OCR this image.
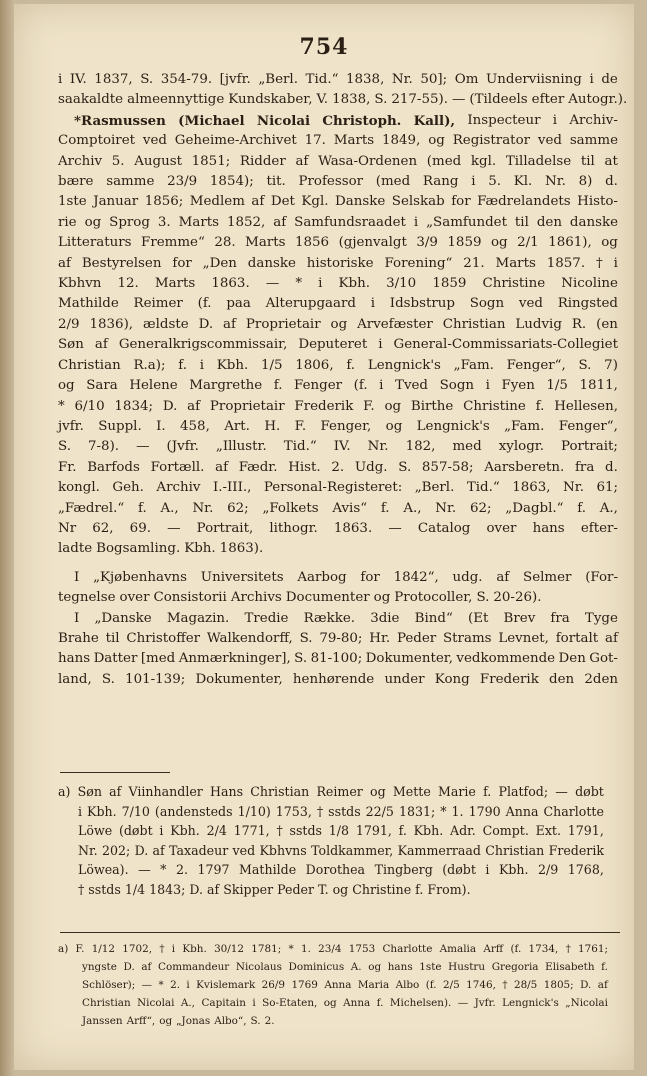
754
i IV. 1837, S. 354-79. [jvfr. „Berl. Tid.“ 1838, Nr. 50]; Om Underviisning i de
saakaldte almeennyttige Kundskaber, V. 1838, S. 217-55). — (Tildeels efter Autogr.).
*Rasmussen (Michael Nicolai Christoph. Kall), Inspecteur i Archiv-
Comptoiret ved Geheime-Archivet 17. Marts 1849, og Registrator ved samme
Archiv 5. August 1851; Ridder af Wasa-Ordenen (med kgl. Tilladelse til at
bære samme 23/9 1854); tit. Professor (med Rang i 5. Kl. Nr. 8) d.
1ste Januar 1856; Medlem af Det Kgl. Danske Selskab for Fædrelandets Histo-
rie og Sprog 3. Marts 1852, af Samfundsraadet i „Samfundet til den danske
Litteraturs Fremme“ 28. Marts 1856 (gjenvalgt 3/9 1859 og 2/1 1861), og
af Bestyrelsen for „Den danske historiske Forening“ 21. Marts 1857. † i
Kbhvn 12. Marts 1863. — * i Kbh. 3/10 1859 Christine Nicoline
Mathilde Reimer (f. paa Alterupgaard i Idsbstrup Sogn ved Ringsted
2/9 1836), ældste D. af Proprietair og Arvefæster Christian Ludvig R. (en
Søn af Generalkrigscommissair, Deputeret i General-Commissariats-Collegiet
Christian R.a); f. i Kbh. 1/5 1806, f. Lengnick's „Fam. Fenger“, S. 7)
og Sara Helene Margrethe f. Fenger (f. i Tved Sogn i Fyen 1/5 1811,
* 6/10 1834; D. af Proprietair Frederik F. og Birthe Christine f. Hellesen,
jvfr. Suppl. I. 458, Art. H. F. Fenger, og Lengnick's „Fam. Fenger“,
S. 7-8). — (Jvfr. „Illustr. Tid.“ IV. Nr. 182, med xylogr. Portrait;
Fr. Barfods Fortæll. af Fædr. Hist. 2. Udg. S. 857-58; Aarsberetn. fra d.
kongl. Geh. Archiv I.-III., Personal-Registeret: „Berl. Tid.“ 1863, Nr. 61;
„Fædrel.“ f. A., Nr. 62; „Folkets Avis“ f. A., Nr. 62; „Dagbl.“ f. A.,
Nr 62, 69. — Portrait, lithogr. 1863. — Catalog over hans efter-
ladte Bogsamling. Kbh. 1863).
I „Kjøbenhavns Universitets Aarbog for 1842“, udg. af Selmer (For-
tegnelse over Consistorii Archivs Documenter og Protocoller, S. 20-26).
I „Danske Magazin. Tredie Række. 3die Bind“ (Et Brev fra Tyge
Brahe til Christoffer Walkendorff, S. 79-80; Hr. Peder Strams Levnet, fortalt af
hans Datter [med Anmærkninger], S. 81-100; Dokumenter, vedkommende Den Got-
land, S. 101-139; Dokumenter, henhørende under Kong Frederik den 2den
a) Søn af Viinhandler Hans Christian Reimer og Mette Marie f. Platfod; — døbt
i Kbh. 7/10 (andensteds 1/10) 1753, † sstds 22/5 1831; * 1. 1790 Anna Charlotte
Löwe (døbt i Kbh. 2/4 1771, † sstds 1/8 1791, f. Kbh. Adr. Compt. Ext. 1791,
Nr. 202; D. af Taxadeur ved Kbhvns Toldkammer, Kammerraad Christian Frederik
Löwea). — * 2. 1797 Mathilde Dorothea Tingberg (døbt i Kbh. 2/9 1768,
† sstds 1/4 1843; D. af Skipper Peder T. og Christine f. From).
a) F. 1/12 1702, † i Kbh. 30/12 1781; * 1. 23/4 1753 Charlotte Amalia Arff (f. 1734, † 1761;
yngste D. af Commandeur Nicolaus Dominicus A. og hans 1ste Hustru Gregoria Elisabeth f.
Schlöser); — * 2. i Kvislemark 26/9 1769 Anna Maria Albo (f. 2/5 1746, † 28/5 1805; D. af
Christian Nicolai A., Capitain i So-Etaten, og Anna f. Michelsen). — Jvfr. Lengnick's „Nicolai
Janssen Arff“, og „Jonas Albo“, S. 2.
